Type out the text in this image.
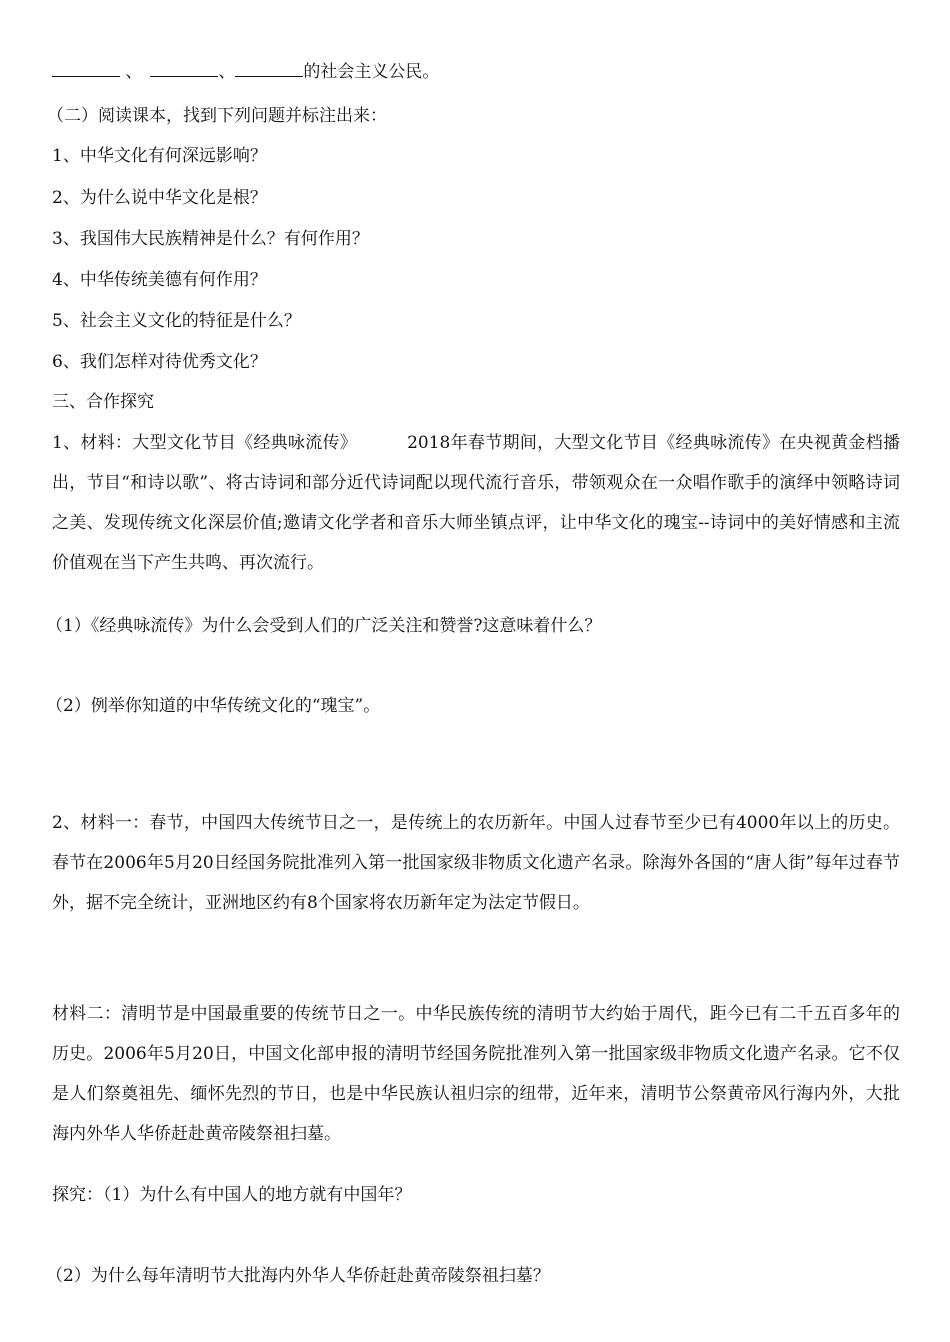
、	、	的社会主义公民。
（二）阅读课本，找到下列问题并标注出来：
1、中华文化有何深远影响？
2、为什么说中华文化是根？
3、我国伟大民族精神是什么？有何作用？
4、中华传统美德有何作用？
5、社会主义文化的特征是什么？
6、我们怎样对待优秀文化？
三、合作探究
1、材料：大型文化节目《经典咏流传》	2018年春节期间，大型文化节目《经典咏流传》在央视黄金档播出，节目“和诗以歌”、将古诗词和部分近代诗词配以现代流行音乐，带领观众在一众唱作歌手的演绎中领略诗词之美、发现传统文化深层价值;邀请文化学者和音乐大师坐镇点评，让中华文化的瑰宝--诗词中的美好情感和主流价值观在当下产生共鸣、再次流行。
（1）《经典咏流传》为什么会受到人们的广泛关注和赞誉?这意味着什么？
（2）例举你知道的中华传统文化的“瑰宝”。
2、材料一：春节，中国四大传统节日之一，是传统上的农历新年。中国人过春节至少已有4000年以上的历史。春节在2006年5月20日经国务院批准列入第一批国家级非物质文化遗产名录。除海外各国的“唐人街”每年过春节外，据不完全统计，亚洲地区约有8个国家将农历新年定为法定节假日。
材料二：清明节是中国最重要的传统节日之一。中华民族传统的清明节大约始于周代，距今已有二千五百多年的历史。2006年5月20日，中国文化部申报的清明节经国务院批准列入第一批国家级非物质文化遗产名录。它不仅是人们祭奠祖先、缅怀先烈的节日，也是中华民族认祖归宗的纽带，近年来，清明节公祭黄帝风行海内外，大批海内外华人华侨赶赴黄帝陵祭祖扫墓。
探究：（1）为什么有中国人的地方就有中国年？
（2）为什么每年清明节大批海内外华人华侨赶赴黄帝陵祭祖扫墓？
